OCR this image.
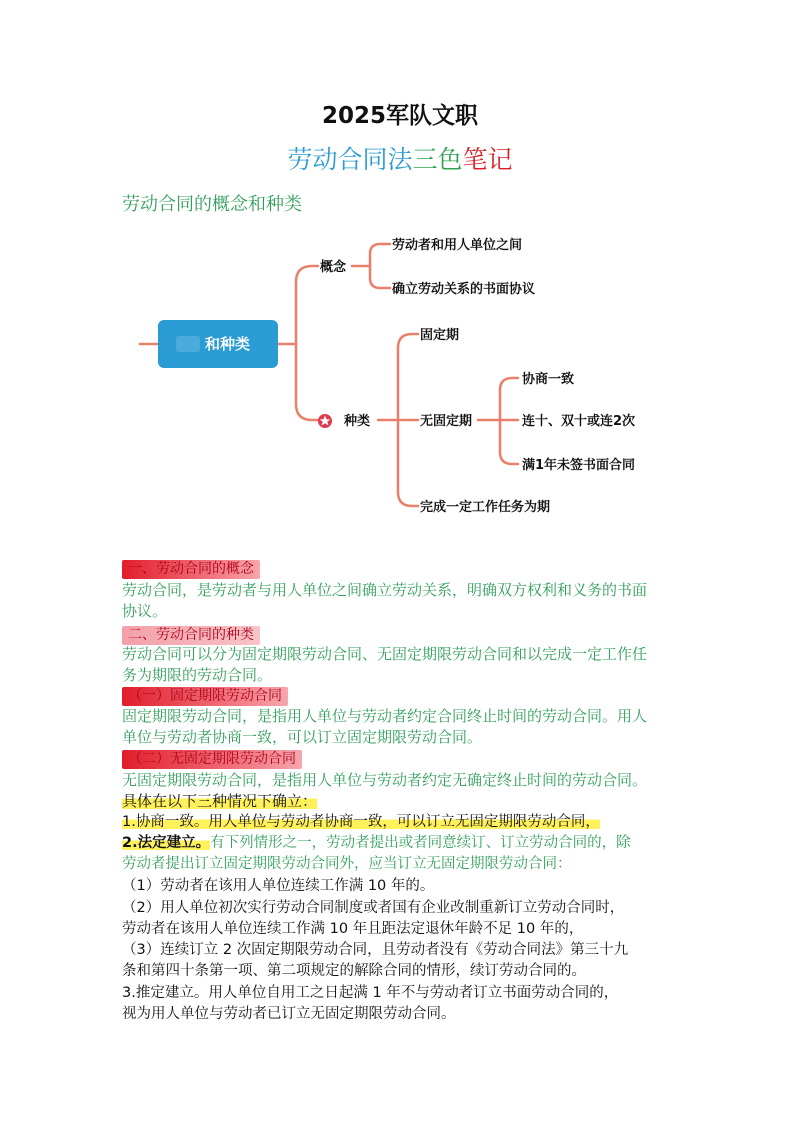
2025军队文职
劳动合同法三色笔记
劳动合同的概念和种类
和种类
概念
劳动者和用人单位之间
确立劳动关系的书面协议
种类
固定期
无固定期
完成一定工作任务为期
协商一致
连十、双十或连2次
满1年未签书面合同
一、劳动合同的概念
劳动合同，是劳动者与用人单位之间确立劳动关系，明确双方权利和义务的书面
协议。
二、劳动合同的种类
劳动合同可以分为固定期限劳动合同、无固定期限劳动合同和以完成一定工作任
务为期限的劳动合同。
（一）固定期限劳动合同
固定期限劳动合同，是指用人单位与劳动者约定合同终止时间的劳动合同。用人
单位与劳动者协商一致，可以订立固定期限劳动合同。
（二）无固定期限劳动合同
无固定期限劳动合同，是指用人单位与劳动者约定无确定终止时间的劳动合同。
具体在以下三种情况下确立：
1.协商一致。用人单位与劳动者协商一致，可以订立无固定期限劳动合同，
2.法定建立。有下列情形之一，劳动者提出或者同意续订、订立劳动合同的，除
劳动者提出订立固定期限劳动合同外，应当订立无固定期限劳动合同：
（1）劳动者在该用人单位连续工作满 10 年的。
（2）用人单位初次实行劳动合同制度或者国有企业改制重新订立劳动合同时，
劳动者在该用人单位连续工作满 10 年且距法定退休年龄不足 10 年的，
（3）连续订立 2 次固定期限劳动合同，且劳动者没有《劳动合同法》第三十九
条和第四十条第一项、第二项规定的解除合同的情形，续订劳动合同的。
3.推定建立。用人单位自用工之日起满 1 年不与劳动者订立书面劳动合同的，
视为用人单位与劳动者已订立无固定期限劳动合同。
